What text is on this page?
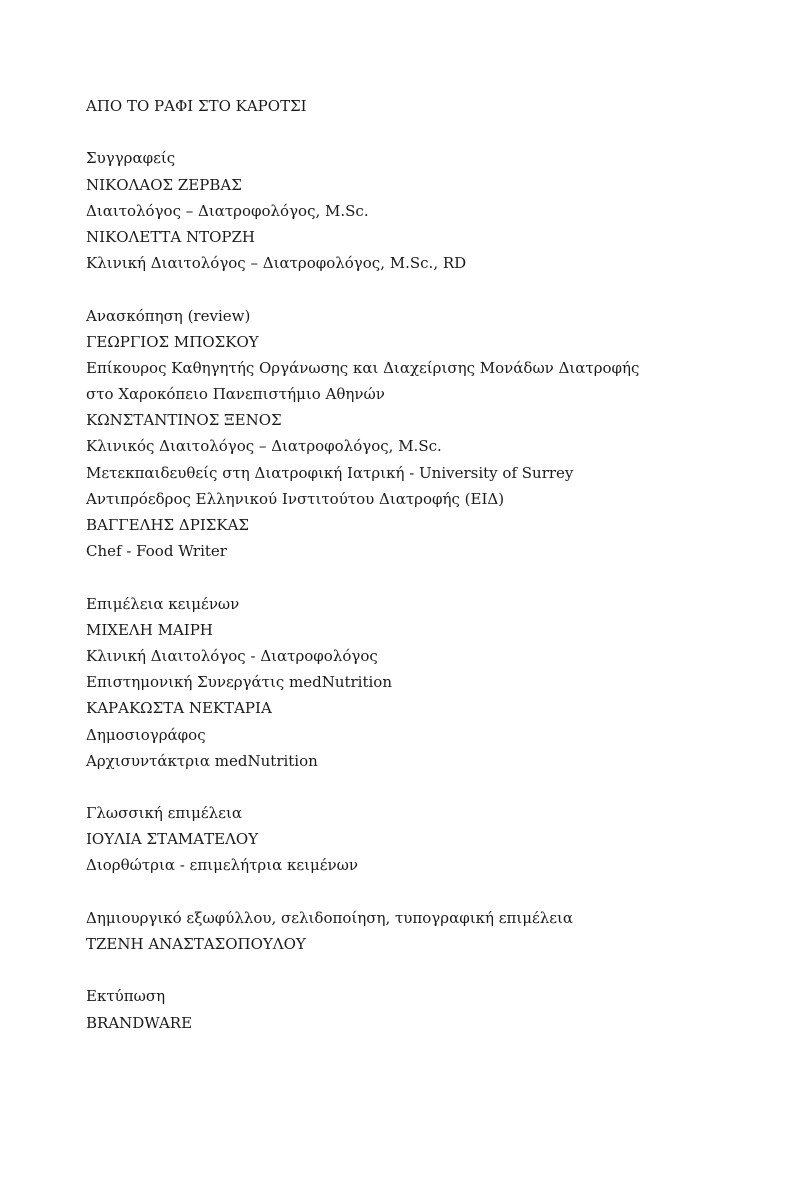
ΑΠΟ ΤΟ ΡΑΦΙ ΣΤΟ ΚΑΡΟΤΣΙ
Συγγραφείς
ΝΙΚΟΛΑΟΣ ΖΕΡΒΑΣ
Διαιτολόγος – Διατροφολόγος, M.Sc.
ΝΙΚΟΛΕΤΤΑ ΝΤΟΡΖΗ
Κλινική Διαιτολόγος – Διατροφολόγος, M.Sc., RD
Ανασκόπηση (review)
ΓΕΩΡΓΙΟΣ ΜΠΟΣΚΟΥ
Επίκουρος Καθηγητής Οργάνωσης και Διαχείρισης Μονάδων Διατροφής
στο Χαροκόπειο Πανεπιστήμιο Αθηνών
ΚΩΝΣΤΑΝΤΙΝΟΣ ΞΕΝΟΣ
Κλινικός Διαιτολόγος – Διατροφολόγος, M.Sc.
Μετεκπαιδευθείς στη Διατροφική Ιατρική - University of Surrey
Αντιπρόεδρος Ελληνικού Ινστιτούτου Διατροφής (ΕΙΔ)
ΒΑΓΓΕΛΗΣ ΔΡΙΣΚΑΣ
Chef - Food Writer
Επιμέλεια κειμένων
ΜΙΧΕΛΗ ΜΑΙΡΗ
Κλινική Διαιτολόγος - Διατροφολόγος
Επιστημονική Συνεργάτις medNutrition
ΚΑΡΑΚΩΣΤΑ ΝΕΚΤΑΡΙΑ
Δημοσιογράφος
Αρχισυντάκτρια medNutrition
Γλωσσική επιμέλεια
ΙΟΥΛΙΑ ΣΤΑΜΑΤΕΛΟΥ
Διορθώτρια - επιμελήτρια κειμένων
Δημιουργικό εξωφύλλου, σελιδοποίηση, τυπογραφική επιμέλεια
ΤΖΕΝΗ ΑΝΑΣΤΑΣΟΠΟΥΛΟΥ
Εκτύπωση
BRANDWARE
